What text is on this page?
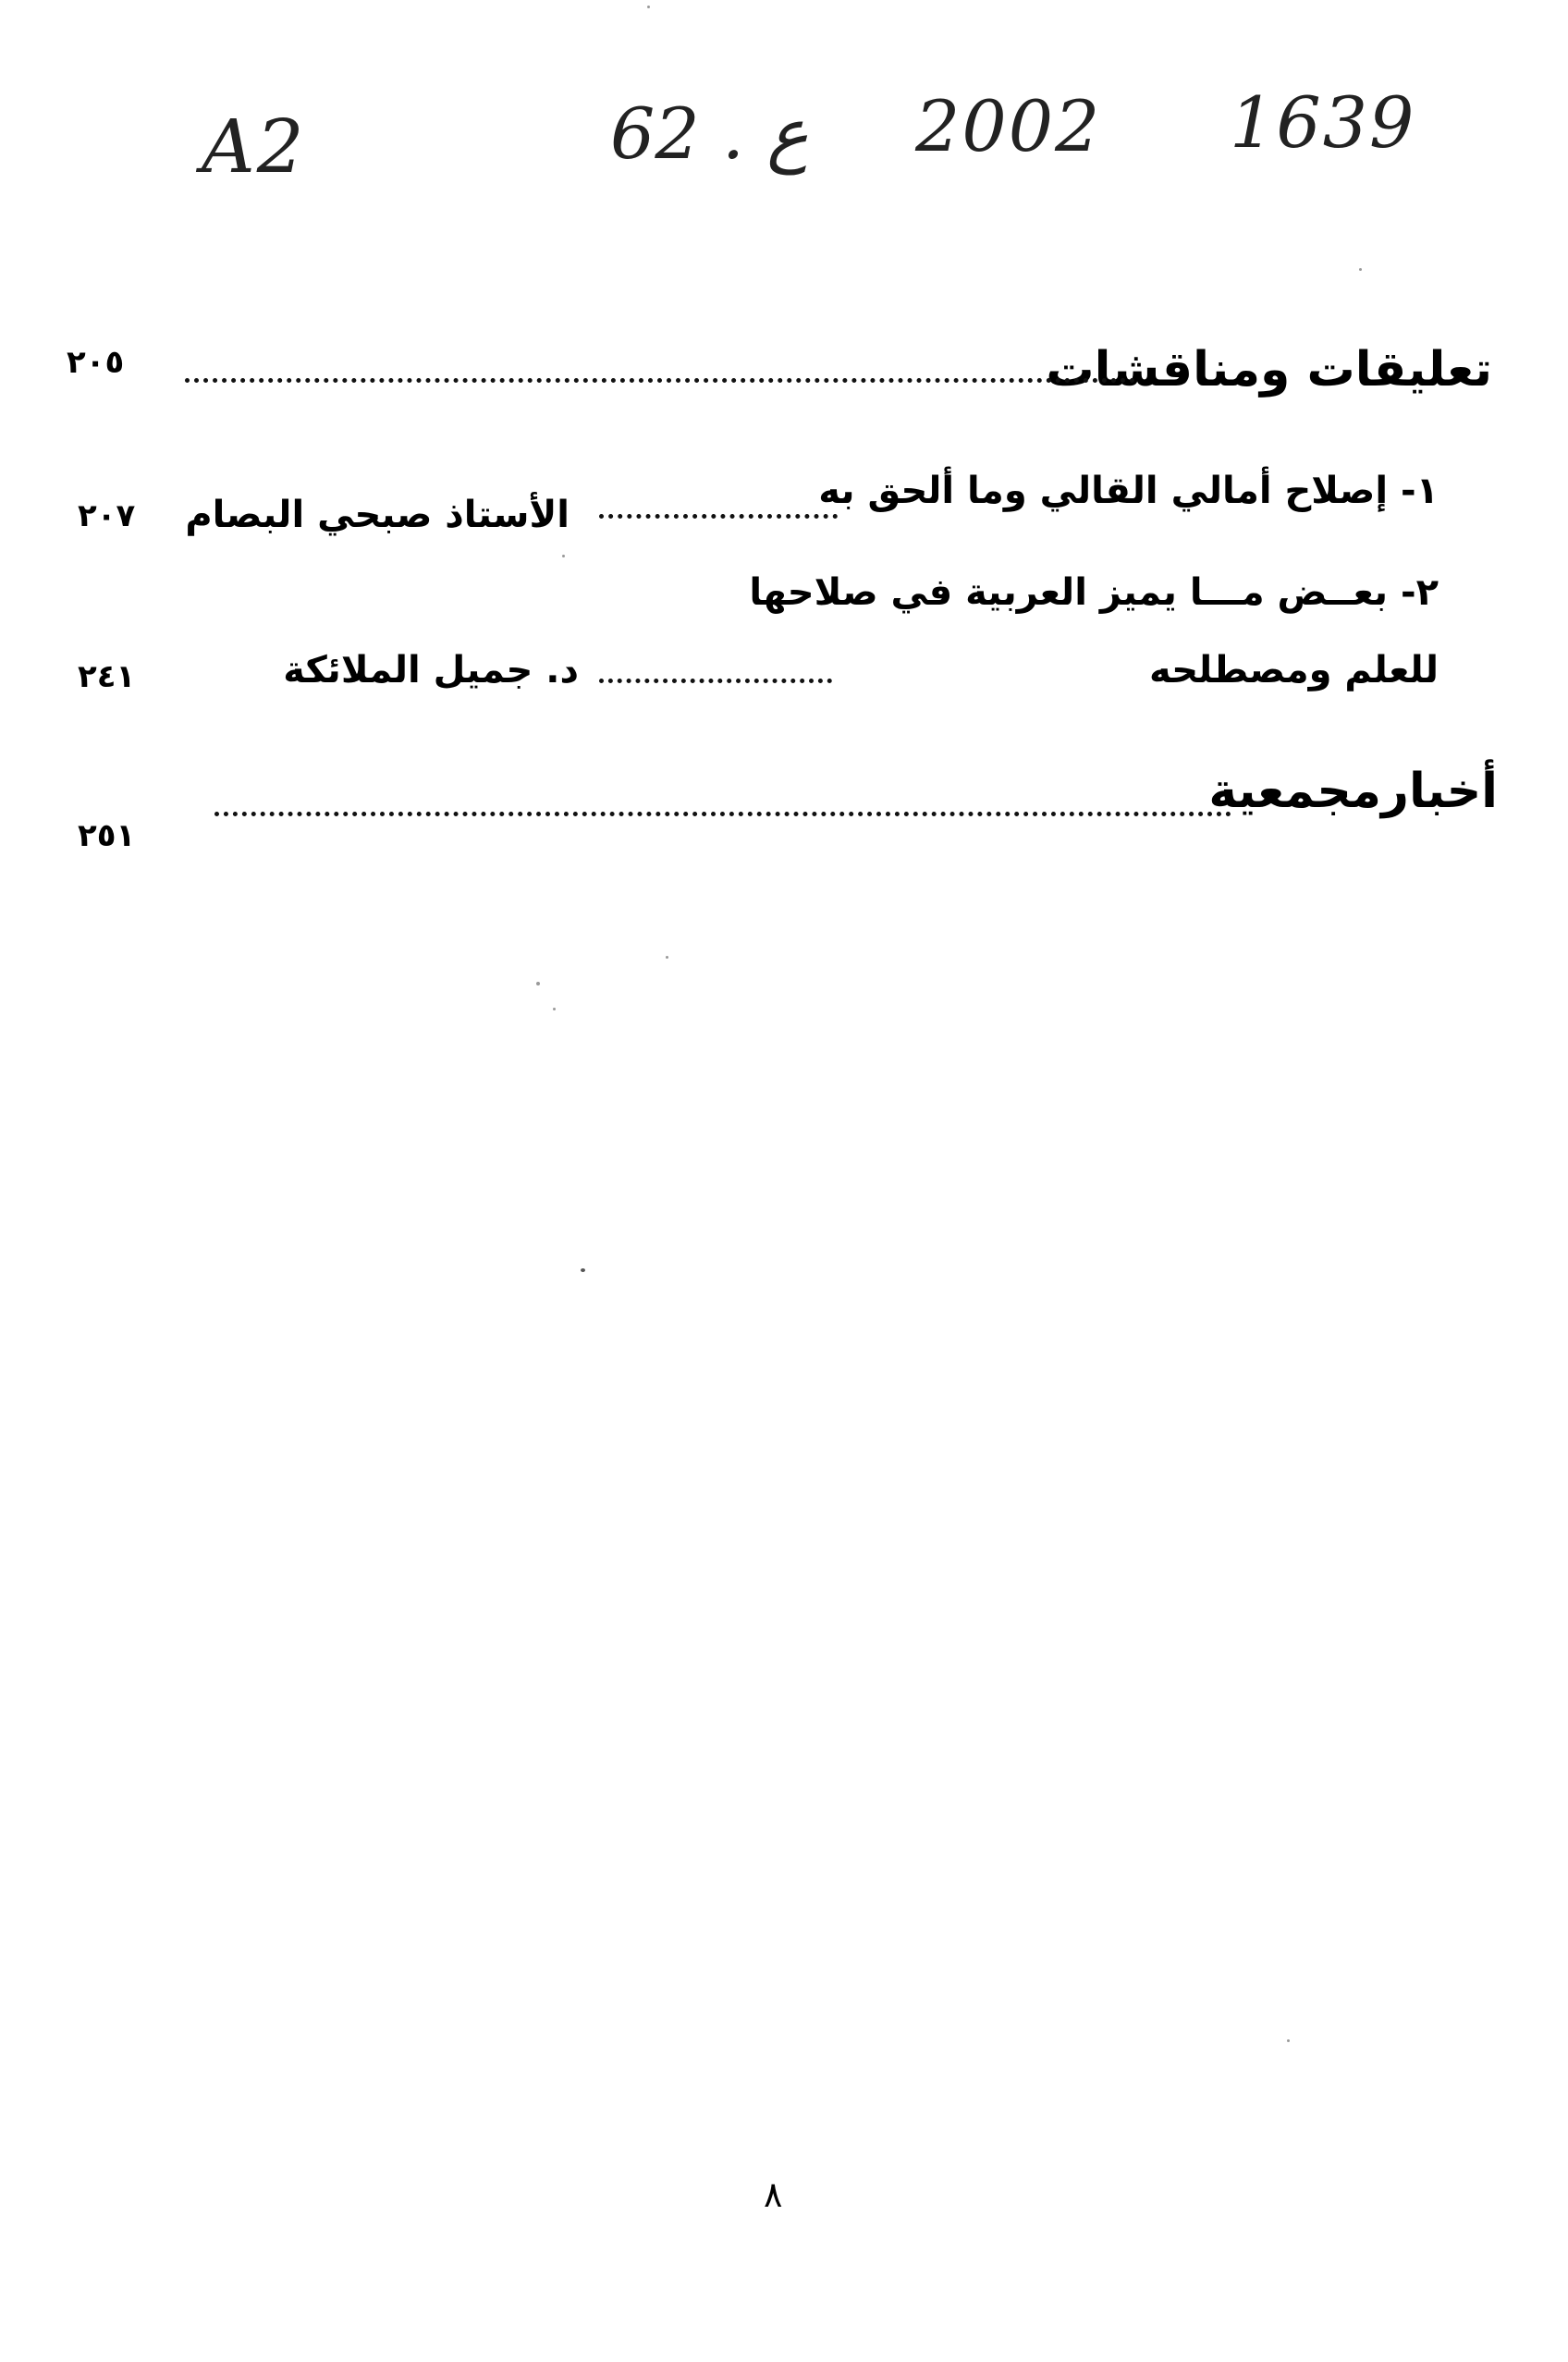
A2	62 . ع 2002 1639
تعليقات ومناقشات
٢٠٥
١- إصلاح أمالي القالي وما ألحق به
الأستاذ صبحي البصام
٢٠٧
٢- بعــض مـــا يميز العربية في صلاحها
للعلم ومصطلحه
د. جميل الملائكة
٢٤١
أخبارمجمعية
٢٥١
٨
